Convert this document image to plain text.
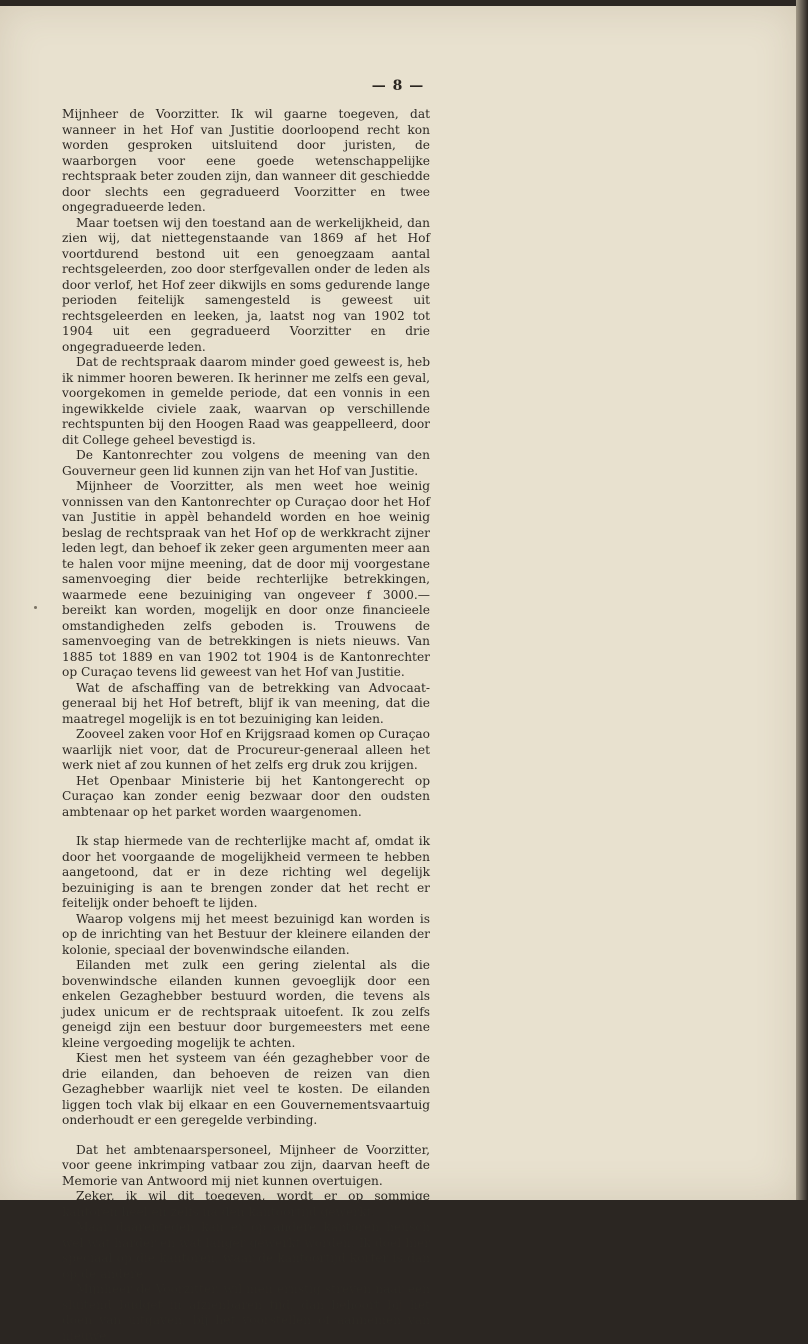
— 8 —

Mijnheer de Voorzitter. Ik wil gaarne toegeven, dat wanneer in het Hof van Justitie doorloopend recht kon worden gesproken uitsluitend door juristen, de waarborgen voor eene goede wetenschappelijke rechtspraak beter zouden zijn, dan wanneer dit geschiedde door slechts een gegradueerd Voorzitter en twee ongegradueerde leden.

Maar toetsen wij den toestand aan de werkelijkheid, dan zien wij, dat niettegenstaande van 1869 af het Hof voortdurend bestond uit een genoegzaam aantal rechtsgeleerden, zoo door sterfgevallen onder de leden als door verlof, het Hof zeer dikwijls en soms gedurende lange perioden feitelijk samengesteld is geweest uit rechtsgeleerden en leeken, ja, laatst nog van 1902 tot 1904 uit een gegradueerd Voorzitter en drie ongegradueerde leden.

Dat de rechtspraak daarom minder goed geweest is, heb ik nimmer hooren beweren. Ik herinner me zelfs een geval, voorgekomen in gemelde periode, dat een vonnis in een ingewikkelde civiele zaak, waarvan op verschillende rechtspunten bij den Hoogen Raad was geappelleerd, door dit College geheel bevestigd is.

De Kantonrechter zou volgens de meening van den Gouverneur geen lid kunnen zijn van het Hof van Justitie.

Mijnheer de Voorzitter, als men weet hoe weinig vonnissen van den Kantonrechter op Curaçao door het Hof van Justitie in appèl behandeld worden en hoe weinig beslag de rechtspraak van het Hof op de werkkracht zijner leden legt, dan behoef ik zeker geen argumenten meer aan te halen voor mijne meening, dat de door mij voorgestane samenvoeging dier beide rechterlijke betrekkingen, waarmede eene bezuiniging van ongeveer f 3000.— bereikt kan worden, mogelijk en door onze financieele omstandigheden zelfs geboden is. Trouwens de samenvoeging van de betrekkingen is niets nieuws. Van 1885 tot 1889 en van 1902 tot 1904 is de Kantonrechter op Curaçao tevens lid geweest van het Hof van Justitie.

Wat de afschaffing van de betrekking van Advocaat-generaal bij het Hof betreft, blijf ik van meening, dat die maatregel mogelijk is en tot bezuiniging kan leiden.

Zooveel zaken voor Hof en Krijgsraad komen op Curaçao waarlijk niet voor, dat de Procureur-generaal alleen het werk niet af zou kunnen of het zelfs erg druk zou krijgen.

Het Openbaar Ministerie bij het Kantongerecht op Curaçao kan zonder eenig bezwaar door den oudsten ambtenaar op het parket worden waargenomen.

Ik stap hiermede van de rechterlijke macht af, omdat ik door het voorgaande de mogelijkheid vermeen te hebben aangetoond, dat er in deze richting wel degelijk bezuiniging is aan te brengen zonder dat het recht er feitelijk onder behoeft te lijden.

Waarop volgens mij het meest bezuinigd kan worden is op de inrichting van het Bestuur der kleinere eilanden der kolonie, speciaal der bovenwindsche eilanden.

Eilanden met zulk een gering zielental als die bovenwindsche eilanden kunnen gevoeglijk door een enkelen Gezaghebber bestuurd worden, die tevens als judex unicum er de rechtspraak uitoefent. Ik zou zelfs geneigd zijn een bestuur door burgemeesters met eene kleine vergoeding mogelijk te achten.

Kiest men het systeem van één gezaghebber voor de drie eilanden, dan behoeven de reizen van dien Gezaghebber waarlijk niet veel te kosten. De eilanden liggen toch vlak bij elkaar en een Gouvernementsvaartuig onderhoudt er een geregelde verbinding.

Dat het ambtenaarspersoneel, Mijnheer de Voorzitter, voor geene inkrimping vatbaar zou zijn, daarvan heeft de Memorie van Antwoord mij niet kunnen overtuigen.

Zeker, ik wil dit toegeven, wordt er op sommige kantoren heel en zelfs na den kantoortijd gewerkt.

Maar daarentegen kan er op andere kantoren heusch wel wat harder en wat langer gewerkt worden. Ik doel hier speciaal op die kantoren, waar de kantoortijd korter is dan op de andere.

Mijnheer de Voorzitter, wil men ernstig streven naar een sluitend budget in afzienbaren tijd, dan behoort bij het doen van uitgaven, bij het voorstellen of aannemen van nieuwe
